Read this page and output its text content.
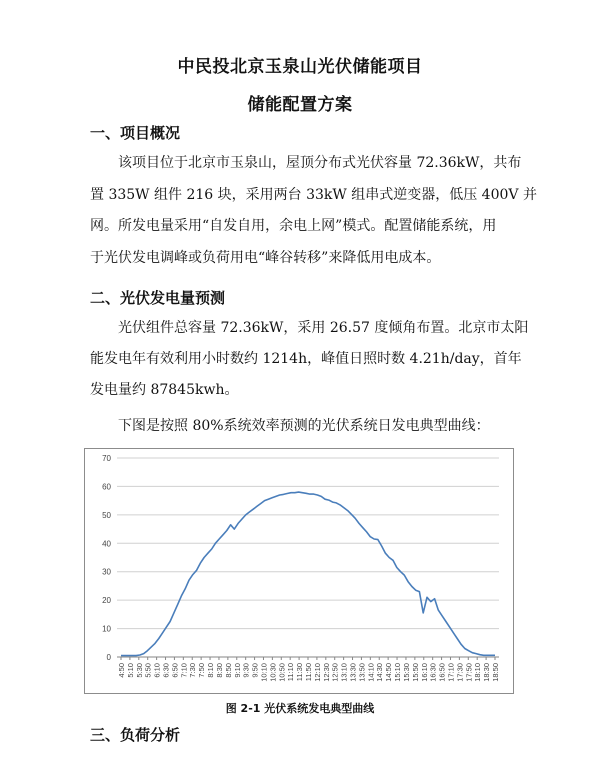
中民投北京玉泉山光伏储能项目
储能配置方案
一、项目概况
该项目位于北京市玉泉山，屋顶分布式光伏容量 72.36kW，共布
置 335W 组件 216 块，采用两台 33kW 组串式逆变器，低压 400V 并
网。所发电量采用“自发自用，余电上网”模式。配置储能系统，用
于光伏发电调峰或负荷用电“峰谷转移”来降低用电成本。
二、光伏发电量预测
光伏组件总容量 72.36kW，采用 26.57 度倾角布置。北京市太阳
能发电年有效利用小时数约 1214h，峰值日照时数 4.21h/day，首年
发电量约 87845kwh。
下图是按照 80%系统效率预测的光伏系统日发电典型曲线：
0
10
20
30
40
50
60
70
4:50 5:10 5:30 5:50 6:10 6:30 6:50 7:10 7:30 7:50 8:10 8:30 8:50 9:10 9:30 9:50 10:10 10:30 10:50 11:10 11:30 11:50 12:10 12:30 12:50 13:10 13:30 13:50 14:10 14:30 14:50 15:10 15:30 15:50 16:10 16:30 16:50 17:10 17:30 17:50 18:10 18:30 18:50
图 2-1 光伏系统发电典型曲线
三、负荷分析
